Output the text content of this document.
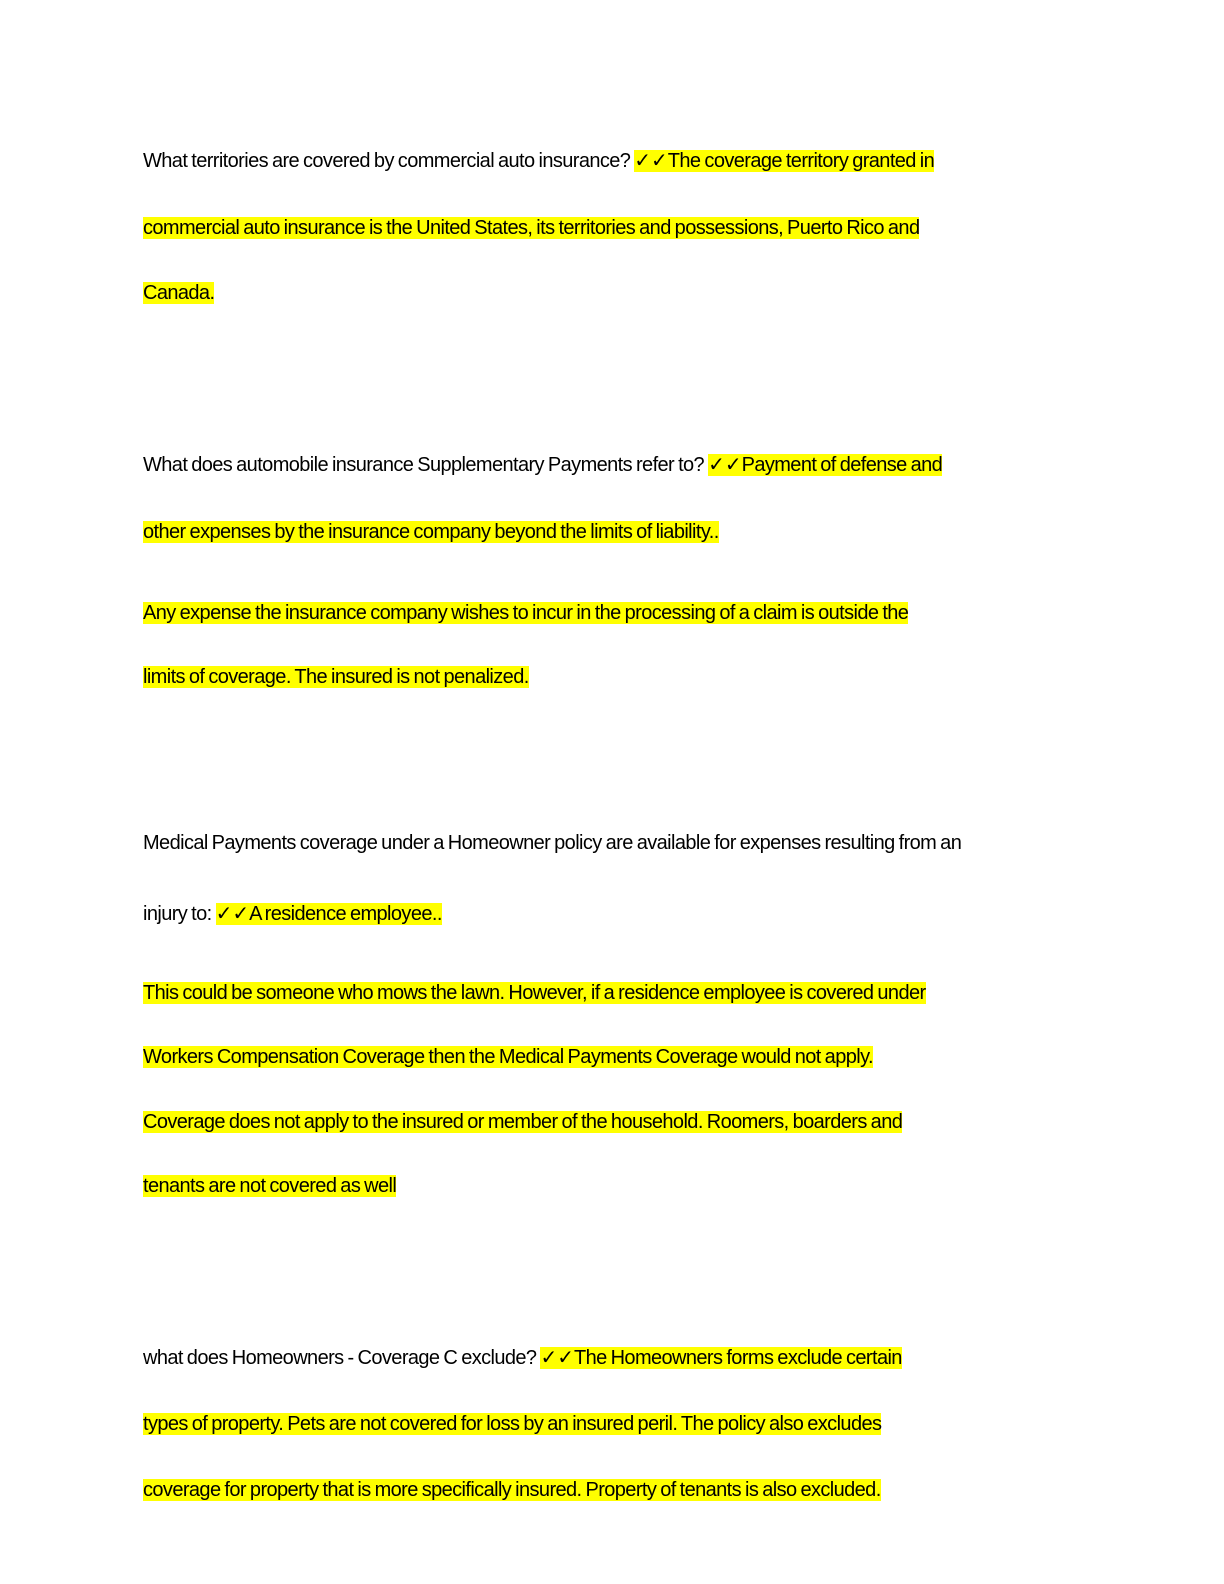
What territories are covered by commercial auto insurance? ✓✓The coverage territory granted in
commercial auto insurance is the United States, its territories and possessions, Puerto Rico and
Canada.
What does automobile insurance Supplementary Payments refer to? ✓✓Payment of defense and
other expenses by the insurance company beyond the limits of liability..
Any expense the insurance company wishes to incur in the processing of a claim is outside the
limits of coverage. The insured is not penalized.
Medical Payments coverage under a Homeowner policy are available for expenses resulting from an
injury to: ✓✓A residence employee..
This could be someone who mows the lawn. However, if a residence employee is covered under
Workers Compensation Coverage then the Medical Payments Coverage would not apply.
Coverage does not apply to the insured or member of the household. Roomers, boarders and
tenants are not covered as well
what does Homeowners - Coverage C exclude? ✓✓The Homeowners forms exclude certain
types of property. Pets are not covered for loss by an insured peril. The policy also excludes
coverage for property that is more specifically insured. Property of tenants is also excluded.
